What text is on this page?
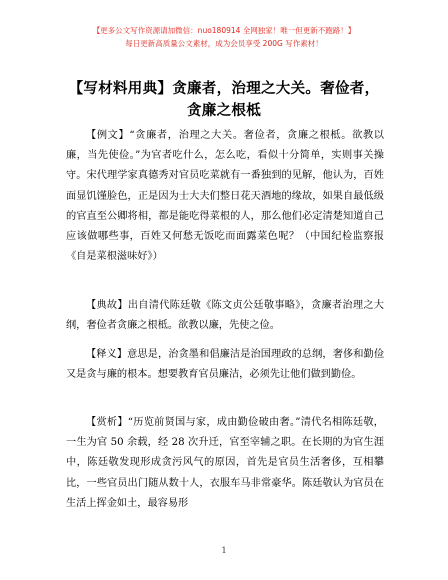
【更多公文写作资源请加微信：nuo180914 全网独家！唯一但更新不跑路！】
每日更新高质量公文素材，成为会员享受 200G 写作素材！
【写材料用典】贪廉者，治理之大关。奢俭者，
贪廉之根柢

【例文】“贪廉者，治理之大关。奢俭者，贪廉之根柢。欲教以廉，当先使俭。”为官者吃什么，怎么吃，看似十分简单，实则事关操守。宋代理学家真德秀对官员吃菜就有一番独到的见解，他认为，百姓面显饥馑脸色，正是因为士大夫们整日花天酒地的缘故，如果自最低级的官直至公卿将相，都是能吃得菜根的人，那么他们必定清楚知道自己应该做哪些事，百姓又何愁无饭吃而面露菜色呢？（中国纪检监察报《自是菜根滋味好》）

【典故】出自清代陈廷敬《陈文贞公廷敬事略》，贪廉者治理之大纲，奢俭者贪廉之根柢。欲教以廉，先使之俭。

【释义】意思是，治贪墨和倡廉洁是治国理政的总纲，奢侈和勤俭又是贪与廉的根本。想要教育官员廉洁，必须先让他们做到勤俭。

【赏析】“历览前贤国与家，成由勤俭破由奢。”清代名相陈廷敬，一生为官 50 余载，经 28 次升迁，官至宰辅之职。在长期的为官生涯中，陈廷敬发现形成贪污风气的原因，首先是官员生活奢侈，互相攀比，一些官员出门随从数十人，衣服车马非常豪华。陈廷敬认为官员在生活上挥金如土，最容易形

1
